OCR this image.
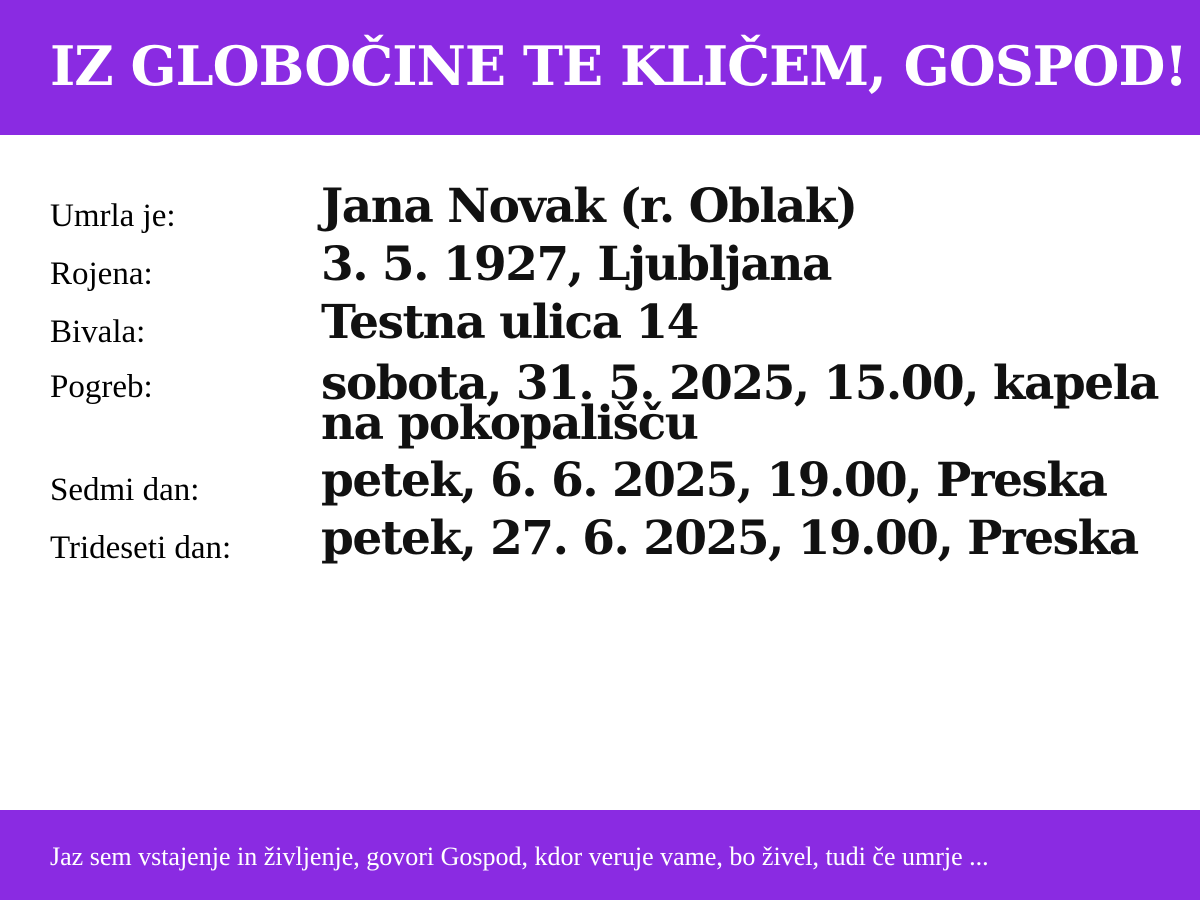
IZ GLOBOČINE TE KLIČEM, GOSPOD!
Umrla je:	Jana Novak (r. Oblak)
Rojena:	3. 5. 1927, Ljubljana
Bivala:	Testna ulica 14
Pogreb:	sobota, 31. 5. 2025, 15.00, kapela na pokopališču
Sedmi dan:	petek, 6. 6. 2025, 19.00, Preska
Trideseti dan:	petek, 27. 6. 2025, 19.00, Preska
Jaz sem vstajenje in življenje, govori Gospod, kdor veruje vame, bo živel, tudi če umrje ...
